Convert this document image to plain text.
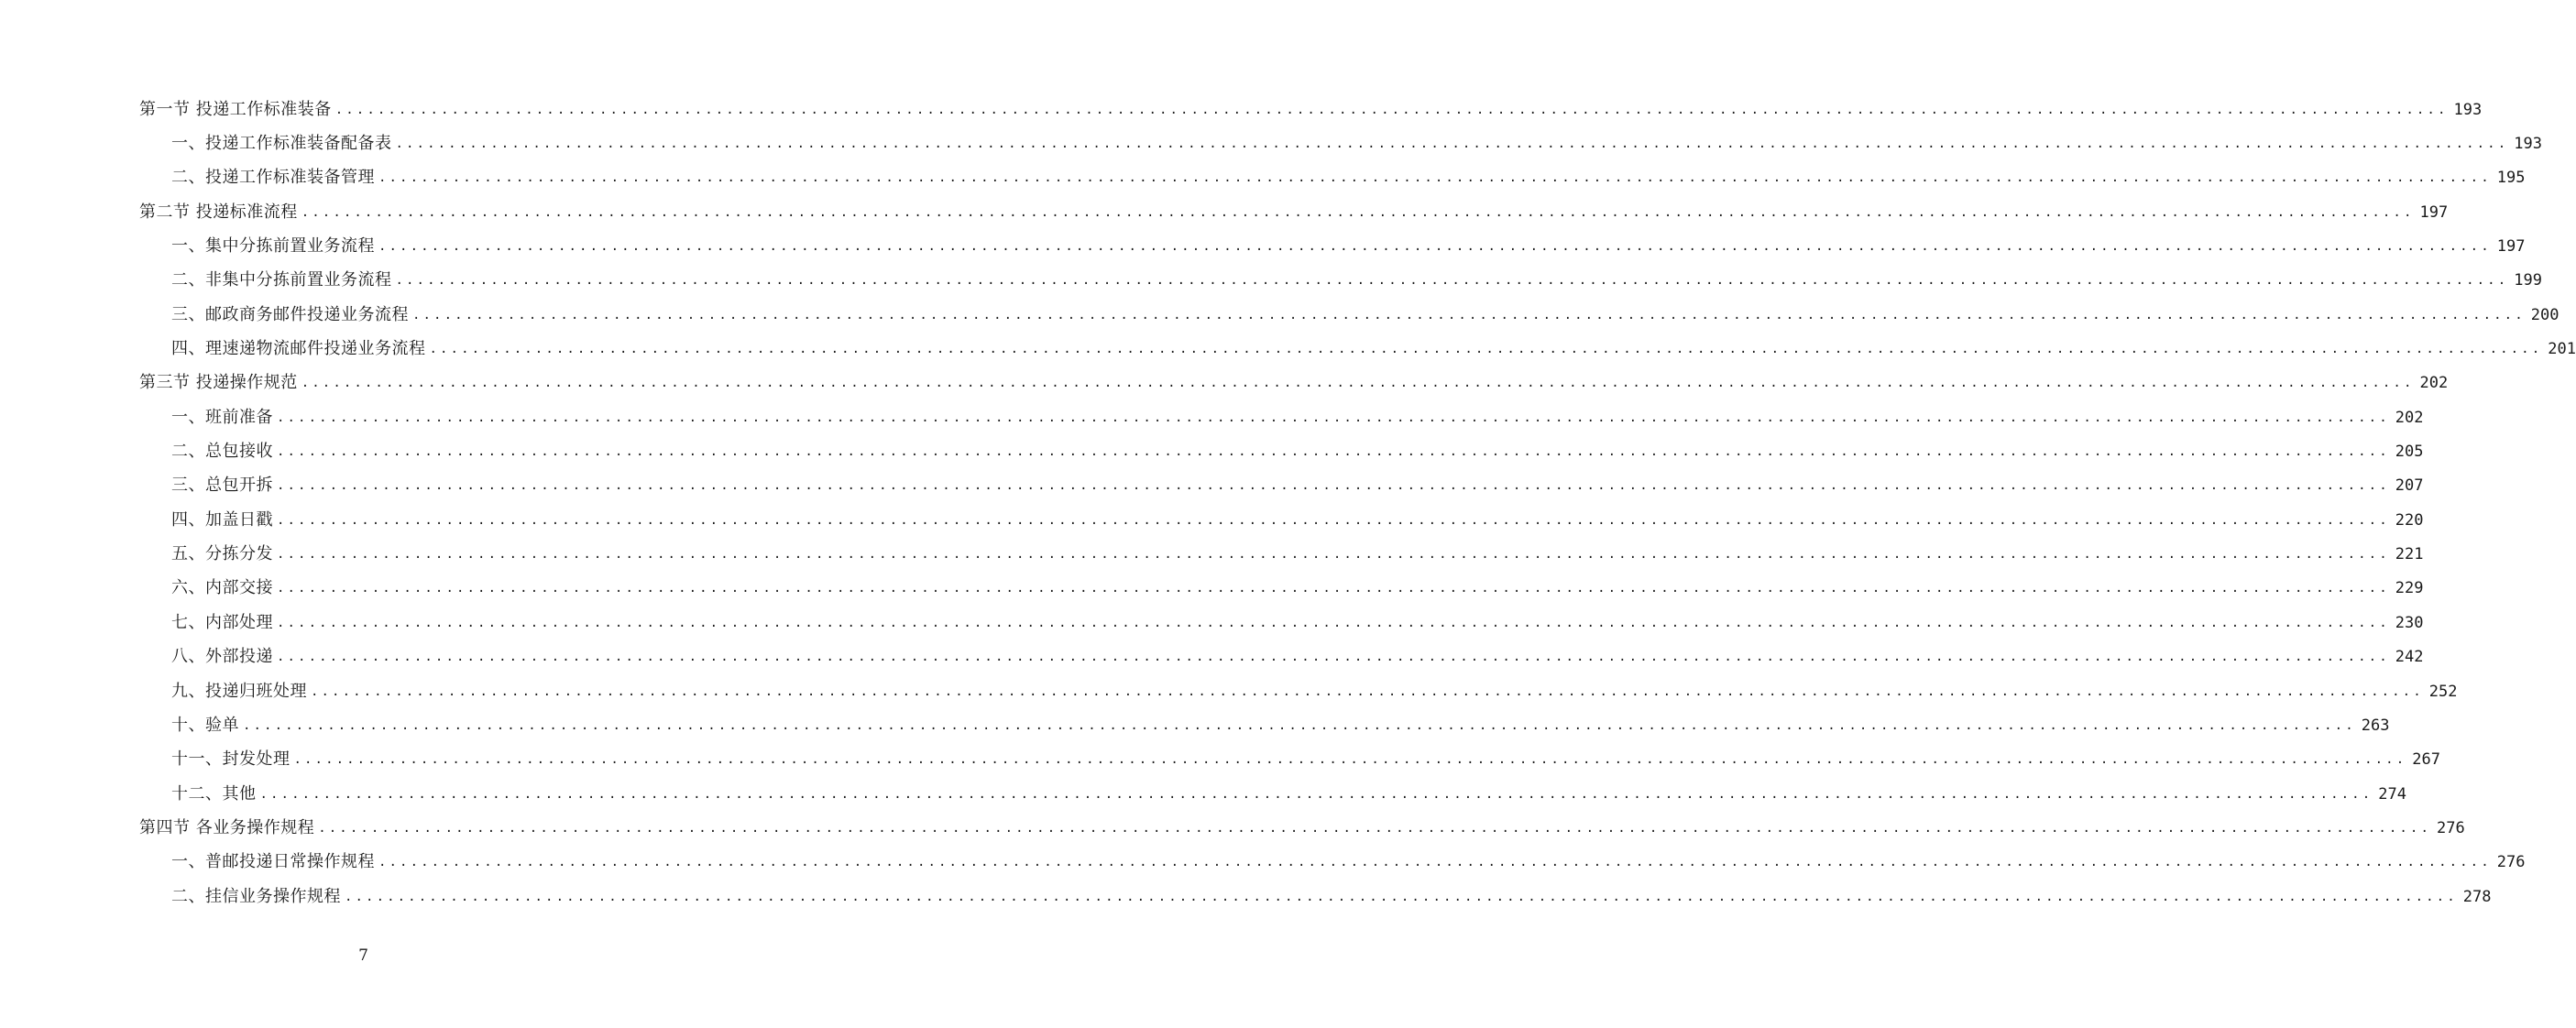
第一节 投递工作标准装备 ........................................................................................................................................................................................................ 193
一、投递工作标准装备配备表 ........................................................................................................................................................................................................ 193
二、投递工作标准装备管理 ........................................................................................................................................................................................................ 195
第二节 投递标准流程 ........................................................................................................................................................................................................ 197
一、集中分拣前置业务流程 ........................................................................................................................................................................................................ 197
二、非集中分拣前置业务流程 ........................................................................................................................................................................................................ 199
三、邮政商务邮件投递业务流程 ........................................................................................................................................................................................................ 200
四、理速递物流邮件投递业务流程 ........................................................................................................................................................................................................ 201
第三节 投递操作规范 ........................................................................................................................................................................................................ 202
一、班前准备 ........................................................................................................................................................................................................ 202
二、总包接收 ........................................................................................................................................................................................................ 205
三、总包开拆 ........................................................................................................................................................................................................ 207
四、加盖日戳 ........................................................................................................................................................................................................ 220
五、分拣分发 ........................................................................................................................................................................................................ 221
六、内部交接 ........................................................................................................................................................................................................ 229
七、内部处理 ........................................................................................................................................................................................................ 230
八、外部投递 ........................................................................................................................................................................................................ 242
九、投递归班处理 ........................................................................................................................................................................................................ 252
十、验单 ........................................................................................................................................................................................................ 263
十一、封发处理 ........................................................................................................................................................................................................ 267
十二、其他 ........................................................................................................................................................................................................ 274
第四节 各业务操作规程 ........................................................................................................................................................................................................ 276
一、普邮投递日常操作规程 ........................................................................................................................................................................................................ 276
二、挂信业务操作规程 ........................................................................................................................................................................................................ 278
7
